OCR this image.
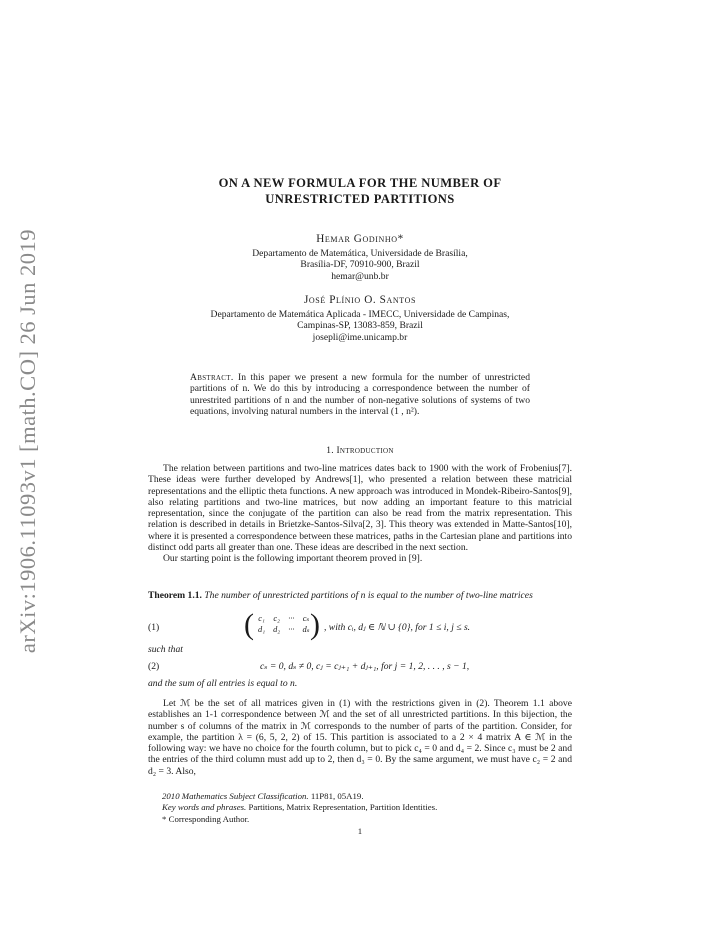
arXiv:1906.11093v1 [math.CO] 26 Jun 2019
ON A NEW FORMULA FOR THE NUMBER OF
UNRESTRICTED PARTITIONS
Hemar Godinho*
Departamento de Matemática, Universidade de Brasília,
Brasília-DF, 70910-900, Brazil
hemar@unb.br
José Plínio O. Santos
Departamento de Matemática Aplicada - IMECC, Universidade de Campinas,
Campinas-SP, 13083-859, Brazil
josepli@ime.unicamp.br
Abstract. In this paper we present a new formula for the number of unrestricted partitions of n. We do this by introducing a correspondence between the number of unrestrited partitions of n and the number of non-negative solutions of systems of two equations, involving natural numbers in the interval (1 , n²).
1. Introduction

The relation between partitions and two-line matrices dates back to 1900 with the work of Frobenius[7]. These ideas were further developed by Andrews[1], who presented a relation between these matricial representations and the elliptic theta functions. A new approach was introduced in Mondek-Ribeiro-Santos[9], also relating partitions and two-line matrices, but now adding an important feature to this matricial representation, since the conjugate of the partition can also be read from the matrix representation. This relation is described in details in Brietzke-Santos-Silva[2, 3]. This theory was extended in Matte-Santos[10], where it is presented a correspondence between these matrices, paths in the Cartesian plane and partitions into distinct odd parts all greater than one. These ideas are described in the next section.

Our starting point is the following important theorem proved in [9].

Theorem 1.1. The number of unrestricted partitions of n is equal to the number of two-line matrices
(1)	( c₁	c₂	···	cₛ
d₁	d₂	···	dₛ ) , with cᵢ, dⱼ ∈ ℕ ∪ {0}, for 1 ≤ i, j ≤ s.
such that
(2)	cₛ = 0, dₛ ≠ 0, cⱼ = cⱼ₊₁ + dⱼ₊₁, for j = 1, 2, . . . , s − 1,
and the sum of all entries is equal to n.

Let ℳ be the set of all matrices given in (1) with the restrictions given in (2). Theorem 1.1 above establishes an 1-1 correspondence between ℳ and the set of all unrestricted partitions. In this bijection, the number s of columns of the matrix in ℳ corresponds to the number of parts of the partition. Consider, for example, the partition λ = (6, 5, 2, 2) of 15. This partition is associated to a 2 × 4 matrix A ∈ ℳ in the following way: we have no choice for the fourth column, but to pick c₄ = 0 and d₄ = 2. Since c₃ must be 2 and the entries of the third column must add up to 2, then d₃ = 0. By the same argument, we must have c₂ = 2 and d₂ = 3. Also,

2010 Mathematics Subject Classification. 11P81, 05A19.
Key words and phrases. Partitions, Matrix Representation, Partition Identities.
* Corresponding Author.
1
